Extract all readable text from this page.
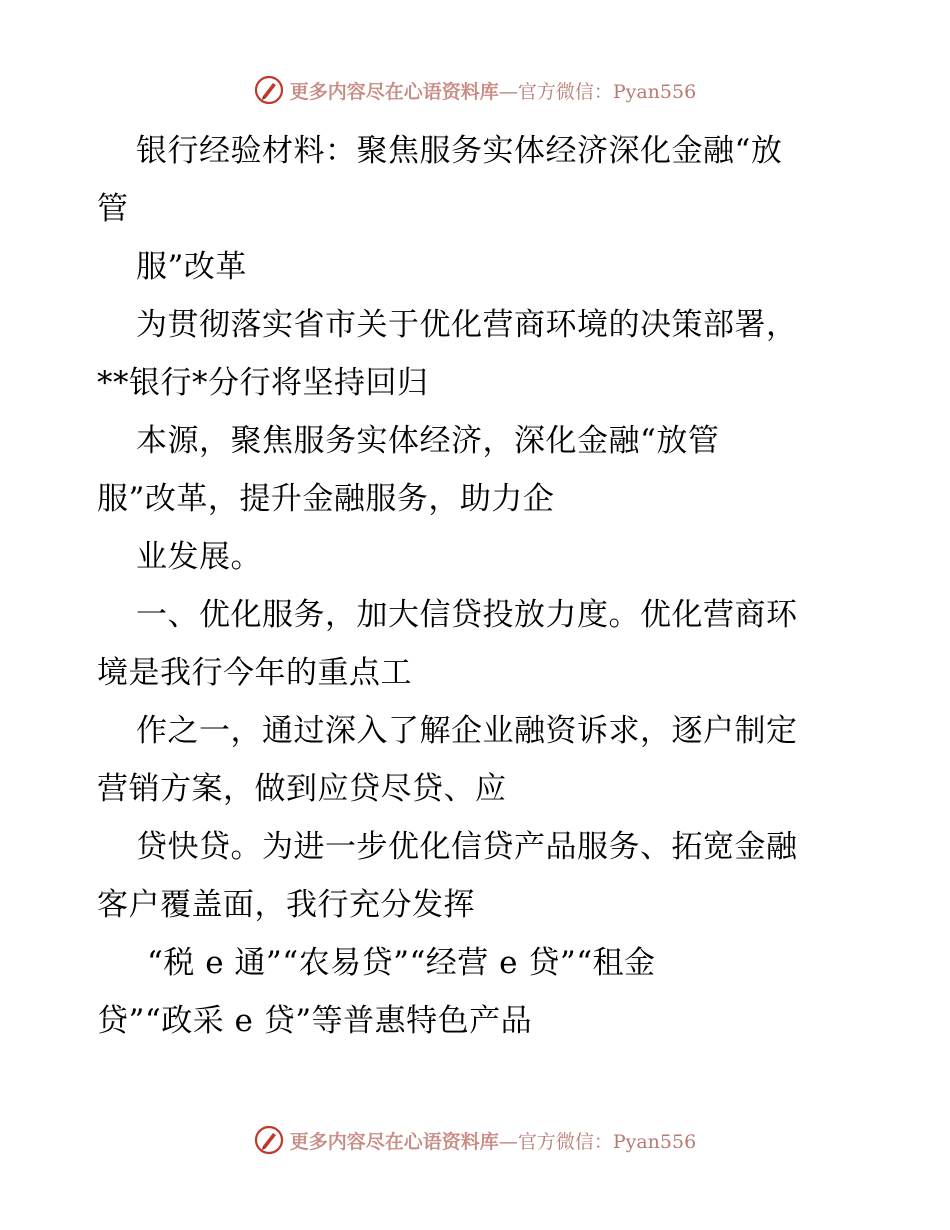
更多内容尽在心语资料库—官方微信：Pyan556
银行经验材料：聚焦服务实体经济深化金融“放
管
服”改革
为贯彻落实省市关于优化营商环境的决策部署，
**银行*分行将坚持回归
本源，聚焦服务实体经济，深化金融“放管
服”改革，提升金融服务，助力企
业发展。
一、优化服务，加大信贷投放力度。优化营商环
境是我行今年的重点工
作之一，通过深入了解企业融资诉求，逐户制定
营销方案，做到应贷尽贷、应
贷快贷。为进一步优化信贷产品服务、拓宽金融
客户覆盖面，我行充分发挥
“税 e 通”“农易贷”“经营 e 贷”“租金
贷”“政采 e 贷”等普惠特色产品
更多内容尽在心语资料库—官方微信：Pyan556
